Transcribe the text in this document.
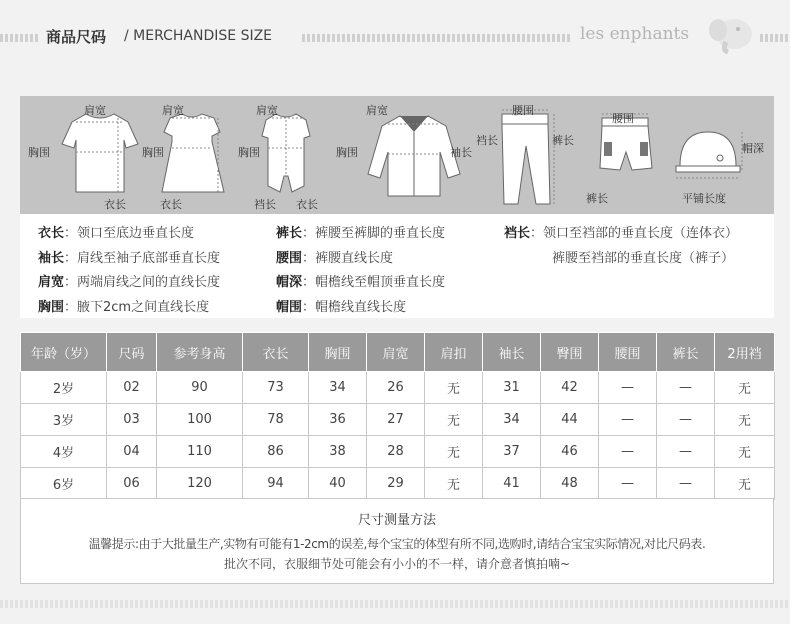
商品尺码 / MERCHANDISE SIZE	les enphants
肩宽
胸围
衣长
肩宽
胸围
衣长
肩宽
胸围
裆长 衣长
肩宽
胸围	袖长
腰围
裆长	裤长
腰围
裤长
帽深
平铺长度
衣长：领口至底边垂直长度
袖长：肩线至袖子底部垂直长度
肩宽：两端肩线之间的直线长度
胸围：腋下2cm之间直线长度
裤长：裤腰至裤脚的垂直长度
腰围：裤腰直线长度
帽深：帽檐线至帽顶垂直长度
帽围：帽檐线直线长度
裆长：领口至裆部的垂直长度（连体衣）
裤腰至裆部的垂直长度（裤子）
年龄（岁）	尺码	参考身高	衣长	胸围	肩宽	肩扣	袖长	臀围	腰围	裤长	2用裆
2岁	02	90	73	34	26	无	31	42	—	—	无
3岁	03	100	78	36	27	无	34	44	—	—	无
4岁	04	110	86	38	28	无	37	46	—	—	无
6岁	06	120	94	40	29	无	41	48	—	—	无
尺寸测量方法
温馨提示:由于大批量生产,实物有可能有1-2cm的误差,每个宝宝的体型有所不同,选购时,请结合宝宝实际情况,对比尺码表.
批次不同，衣服细节处可能会有小小的不一样，请介意者慎拍喃~
